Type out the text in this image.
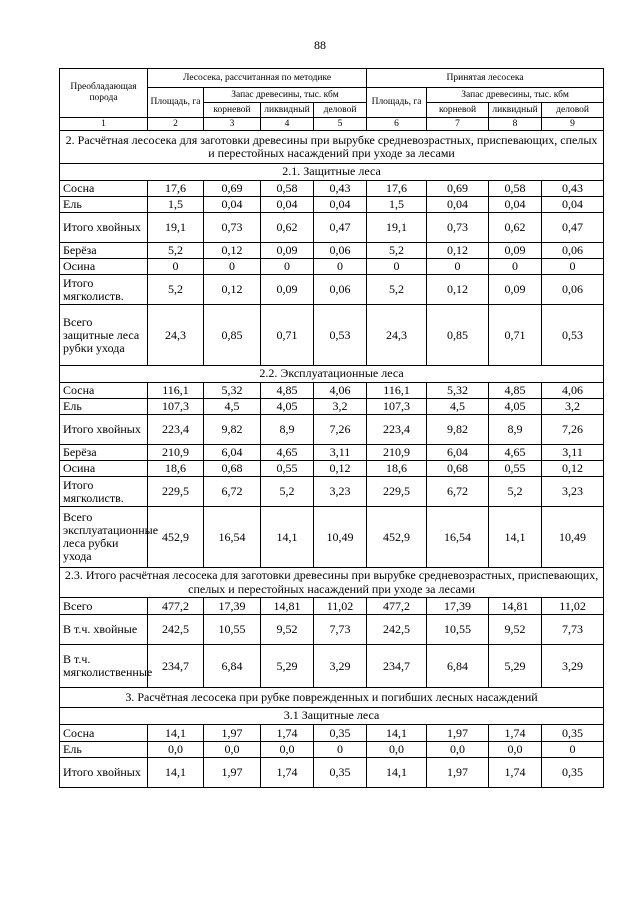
88
Преобладающая порода	Лесосека, рассчитанная по методике				Принятая лесосека			
	Площадь, га	Запас древесины, тыс. кбм			Площадь, га	Запас древесины, тыс. кбм		
		корневой	ликвидный	деловой		корневой	ликвидный	деловой
1	2	3	4	5	6	7	8	9
2. Расчётная лесосека для заготовки древесины при вырубке средневозрастных, приспевающих, спелых и перестойных насаждений при уходе за лесами								
2.1. Защитные леса								
Сосна	17,6	0,69	0,58	0,43	17,6	0,69	0,58	0,43
Ель	1,5	0,04	0,04	0,04	1,5	0,04	0,04	0,04
Итого хвойных	19,1	0,73	0,62	0,47	19,1	0,73	0,62	0,47
Берёза	5,2	0,12	0,09	0,06	5,2	0,12	0,09	0,06
Осина	0	0	0	0	0	0	0	0
Итого мягколиств.	5,2	0,12	0,09	0,06	5,2	0,12	0,09	0,06
Всего защитные леса рубки ухода	24,3	0,85	0,71	0,53	24,3	0,85	0,71	0,53
2.2. Эксплуатационные леса								
Сосна	116,1	5,32	4,85	4,06	116,1	5,32	4,85	4,06
Ель	107,3	4,5	4,05	3,2	107,3	4,5	4,05	3,2
Итого хвойных	223,4	9,82	8,9	7,26	223,4	9,82	8,9	7,26
Берёза	210,9	6,04	4,65	3,11	210,9	6,04	4,65	3,11
Осина	18,6	0,68	0,55	0,12	18,6	0,68	0,55	0,12
Итого мягколиств.	229,5	6,72	5,2	3,23	229,5	6,72	5,2	3,23
Всего эксплуатационные леса рубки ухода	452,9	16,54	14,1	10,49	452,9	16,54	14,1	10,49
2.3. Итого расчётная лесосека для заготовки древесины при вырубке средневозрастных, приспевающих, спелых и перестойных насаждений при уходе за лесами								
Всего	477,2	17,39	14,81	11,02	477,2	17,39	14,81	11,02
В т.ч. хвойные	242,5	10,55	9,52	7,73	242,5	10,55	9,52	7,73
В т.ч. мягколиственные	234,7	6,84	5,29	3,29	234,7	6,84	5,29	3,29
3. Расчётная лесосека при рубке поврежденных и погибших лесных насаждений								
3.1 Защитные леса								
Сосна	14,1	1,97	1,74	0,35	14,1	1,97	1,74	0,35
Ель	0,0	0,0	0,0	0	0,0	0,0	0,0	0
Итого хвойных	14,1	1,97	1,74	0,35	14,1	1,97	1,74	0,35
